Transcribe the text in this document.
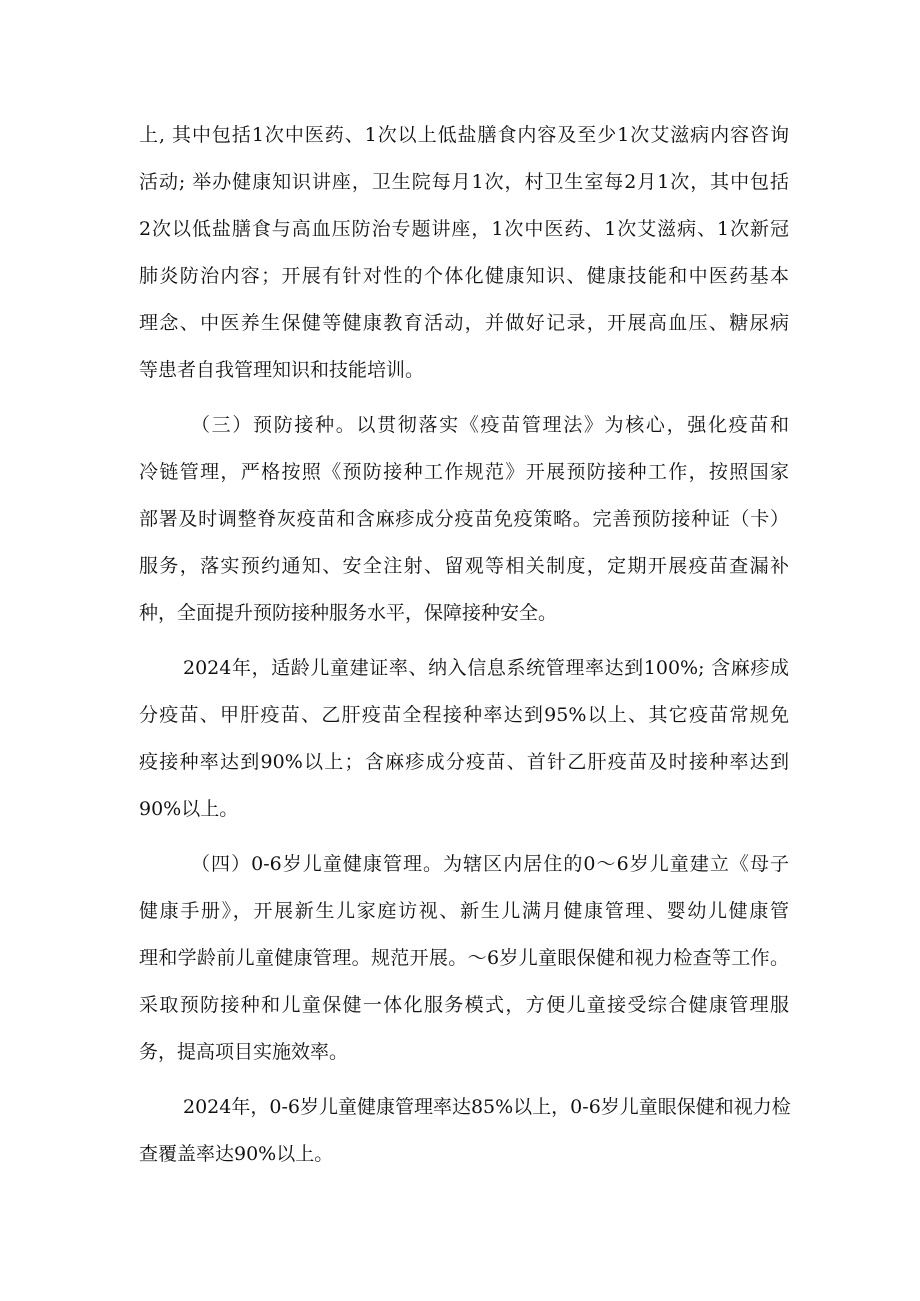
上, 其中包括1次中医药、1次以上低盐膳食内容及至少1次艾滋病内容咨询
活动; 举办健康知识讲座，卫生院每月1次，村卫生室每2月1次，其中包括
2次以低盐膳食与高血压防治专题讲座，1次中医药、1次艾滋病、1次新冠
肺炎防治内容；开展有针对性的个体化健康知识、健康技能和中医药基本
理念、中医养生保健等健康教育活动，并做好记录，开展高血压、糖尿病
等患者自我管理知识和技能培训。
（三）预防接种。以贯彻落实《疫苗管理法》为核心，强化疫苗和
冷链管理，严格按照《预防接种工作规范》开展预防接种工作，按照国家
部署及时调整脊灰疫苗和含麻疹成分疫苗免疫策略。完善预防接种证（卡）
服务，落实预约通知、安全注射、留观等相关制度，定期开展疫苗查漏补
种，全面提升预防接种服务水平，保障接种安全。
2024年，适龄儿童建证率、纳入信息系统管理率达到100%; 含麻疹成
分疫苗、甲肝疫苗、乙肝疫苗全程接种率达到95%以上、其它疫苗常规免
疫接种率达到90%以上；含麻疹成分疫苗、首针乙肝疫苗及时接种率达到
90%以上。
（四）0-6岁儿童健康管理。为辖区内居住的0〜6岁儿童建立《母子
健康手册》，开展新生儿家庭访视、新生儿满月健康管理、婴幼儿健康管
理和学龄前儿童健康管理。规范开展。〜6岁儿童眼保健和视力检查等工作。
采取预防接种和儿童保健一体化服务模式，方便儿童接受综合健康管理服
务，提高项目实施效率。
2024年，0-6岁儿童健康管理率达85%以上，0-6岁儿童眼保健和视力检
查覆盖率达90%以上。
